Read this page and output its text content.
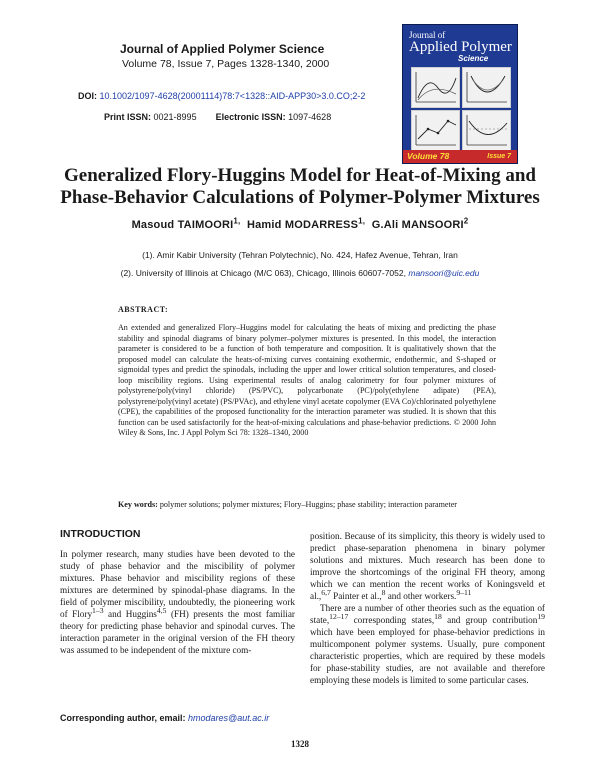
Journal of Applied Polymer Science
Volume 78, Issue 7, Pages 1328-1340, 2000
DOI: 10.1002/1097-4628(20001114)78:7<1328::AID-APP30>3.0.CO;2-2
Print ISSN: 0021-8995 Electronic ISSN: 1097-4628
Journal of
Applied Polymer
Science
Volume 78	Issue 7
Generalized Flory-Huggins Model for Heat-of-Mixing and
Phase-Behavior Calculations of Polymer-Polymer Mixtures
Masoud $TAIMOORI^{1,}$ Hamid $MODARRESS^{1,}$ G.Ali MANSOORI$^2$
(1). Amir Kabir University (Tehran Polytechnic), No. 424, Hafez Avenue, Tehran, Iran
(2). University of Illinois at Chicago (M/C 063), Chicago, Illinois 60607-7052, mansoori@uic.edu
ABSTRACT:
An extended and generalized Flory–Huggins model for calculating the heats of mixing and predicting the phase stability and spinodal diagrams of binary polymer–polymer mixtures is presented. In this model, the interaction parameter is considered to be a function of both temperature and composition. It is qualitatively shown that the proposed model can calculate the heats-of-mixing curves containing exothermic, endothermic, and S-shaped or sigmoidal types and predict the spinodals, including the upper and lower critical solution temperatures, and closed-loop miscibility regions. Using experimental results of analog calorimetry for four polymer mixtures of polystyrene/poly(vinyl chloride) (PS/PVC), polycarbonate (PC)/poly(ethylene adipate) (PEA), polystyrene/poly(vinyl acetate) (PS/PVAc), and ethylene vinyl acetate copolymer (EVA Co)/chlorinated polyethylene (CPE), the capabilities of the proposed functionality for the interaction parameter was studied. It is shown that this function can be used satisfactorily for the heat-of-mixing calculations and phase-behavior predictions. © 2000 John Wiley & Sons, Inc. J Appl Polym Sci 78: 1328–1340, 2000
Key words: polymer solutions; polymer mixtures; Flory–Huggins; phase stability; interaction parameter
INTRODUCTION
In polymer research, many studies have been devoted to the study of phase behavior and the miscibility of polymer mixtures. Phase behavior and miscibility regions of these mixtures are determined by spinodal-phase diagrams. In the field of polymer miscibility, undoubtedly, the pioneering work of Flory$^{1-3}$ and Huggins$^{4,5}$ (FH) presents the most familiar theory for predicting phase behavior and spinodal curves. The interaction parameter in the original version of the FH theory was assumed to be independent of the mixture com-
position. Because of its simplicity, this theory is widely used to predict phase-separation phenomena in binary polymer solutions and mixtures. Much research has been done to improve the shortcomings of the original FH theory, among which we can mention the recent works of Koningsveld et al.,$^{6,7}$ Painter et al.,$^8$ and other workers.$^{9-11}$
There are a number of other theories such as the equation of state,$^{12-17}$ corresponding states,$^{18}$ and group contribution$^{19}$ which have been employed for phase-behavior predictions in multicomponent polymer systems. Usually, pure component characteristic properties, which are required by these models for phase-stability studies, are not available and therefore employing these models is limited to some particular cases.
Corresponding author, email: hmodares@aut.ac.ir
1328
